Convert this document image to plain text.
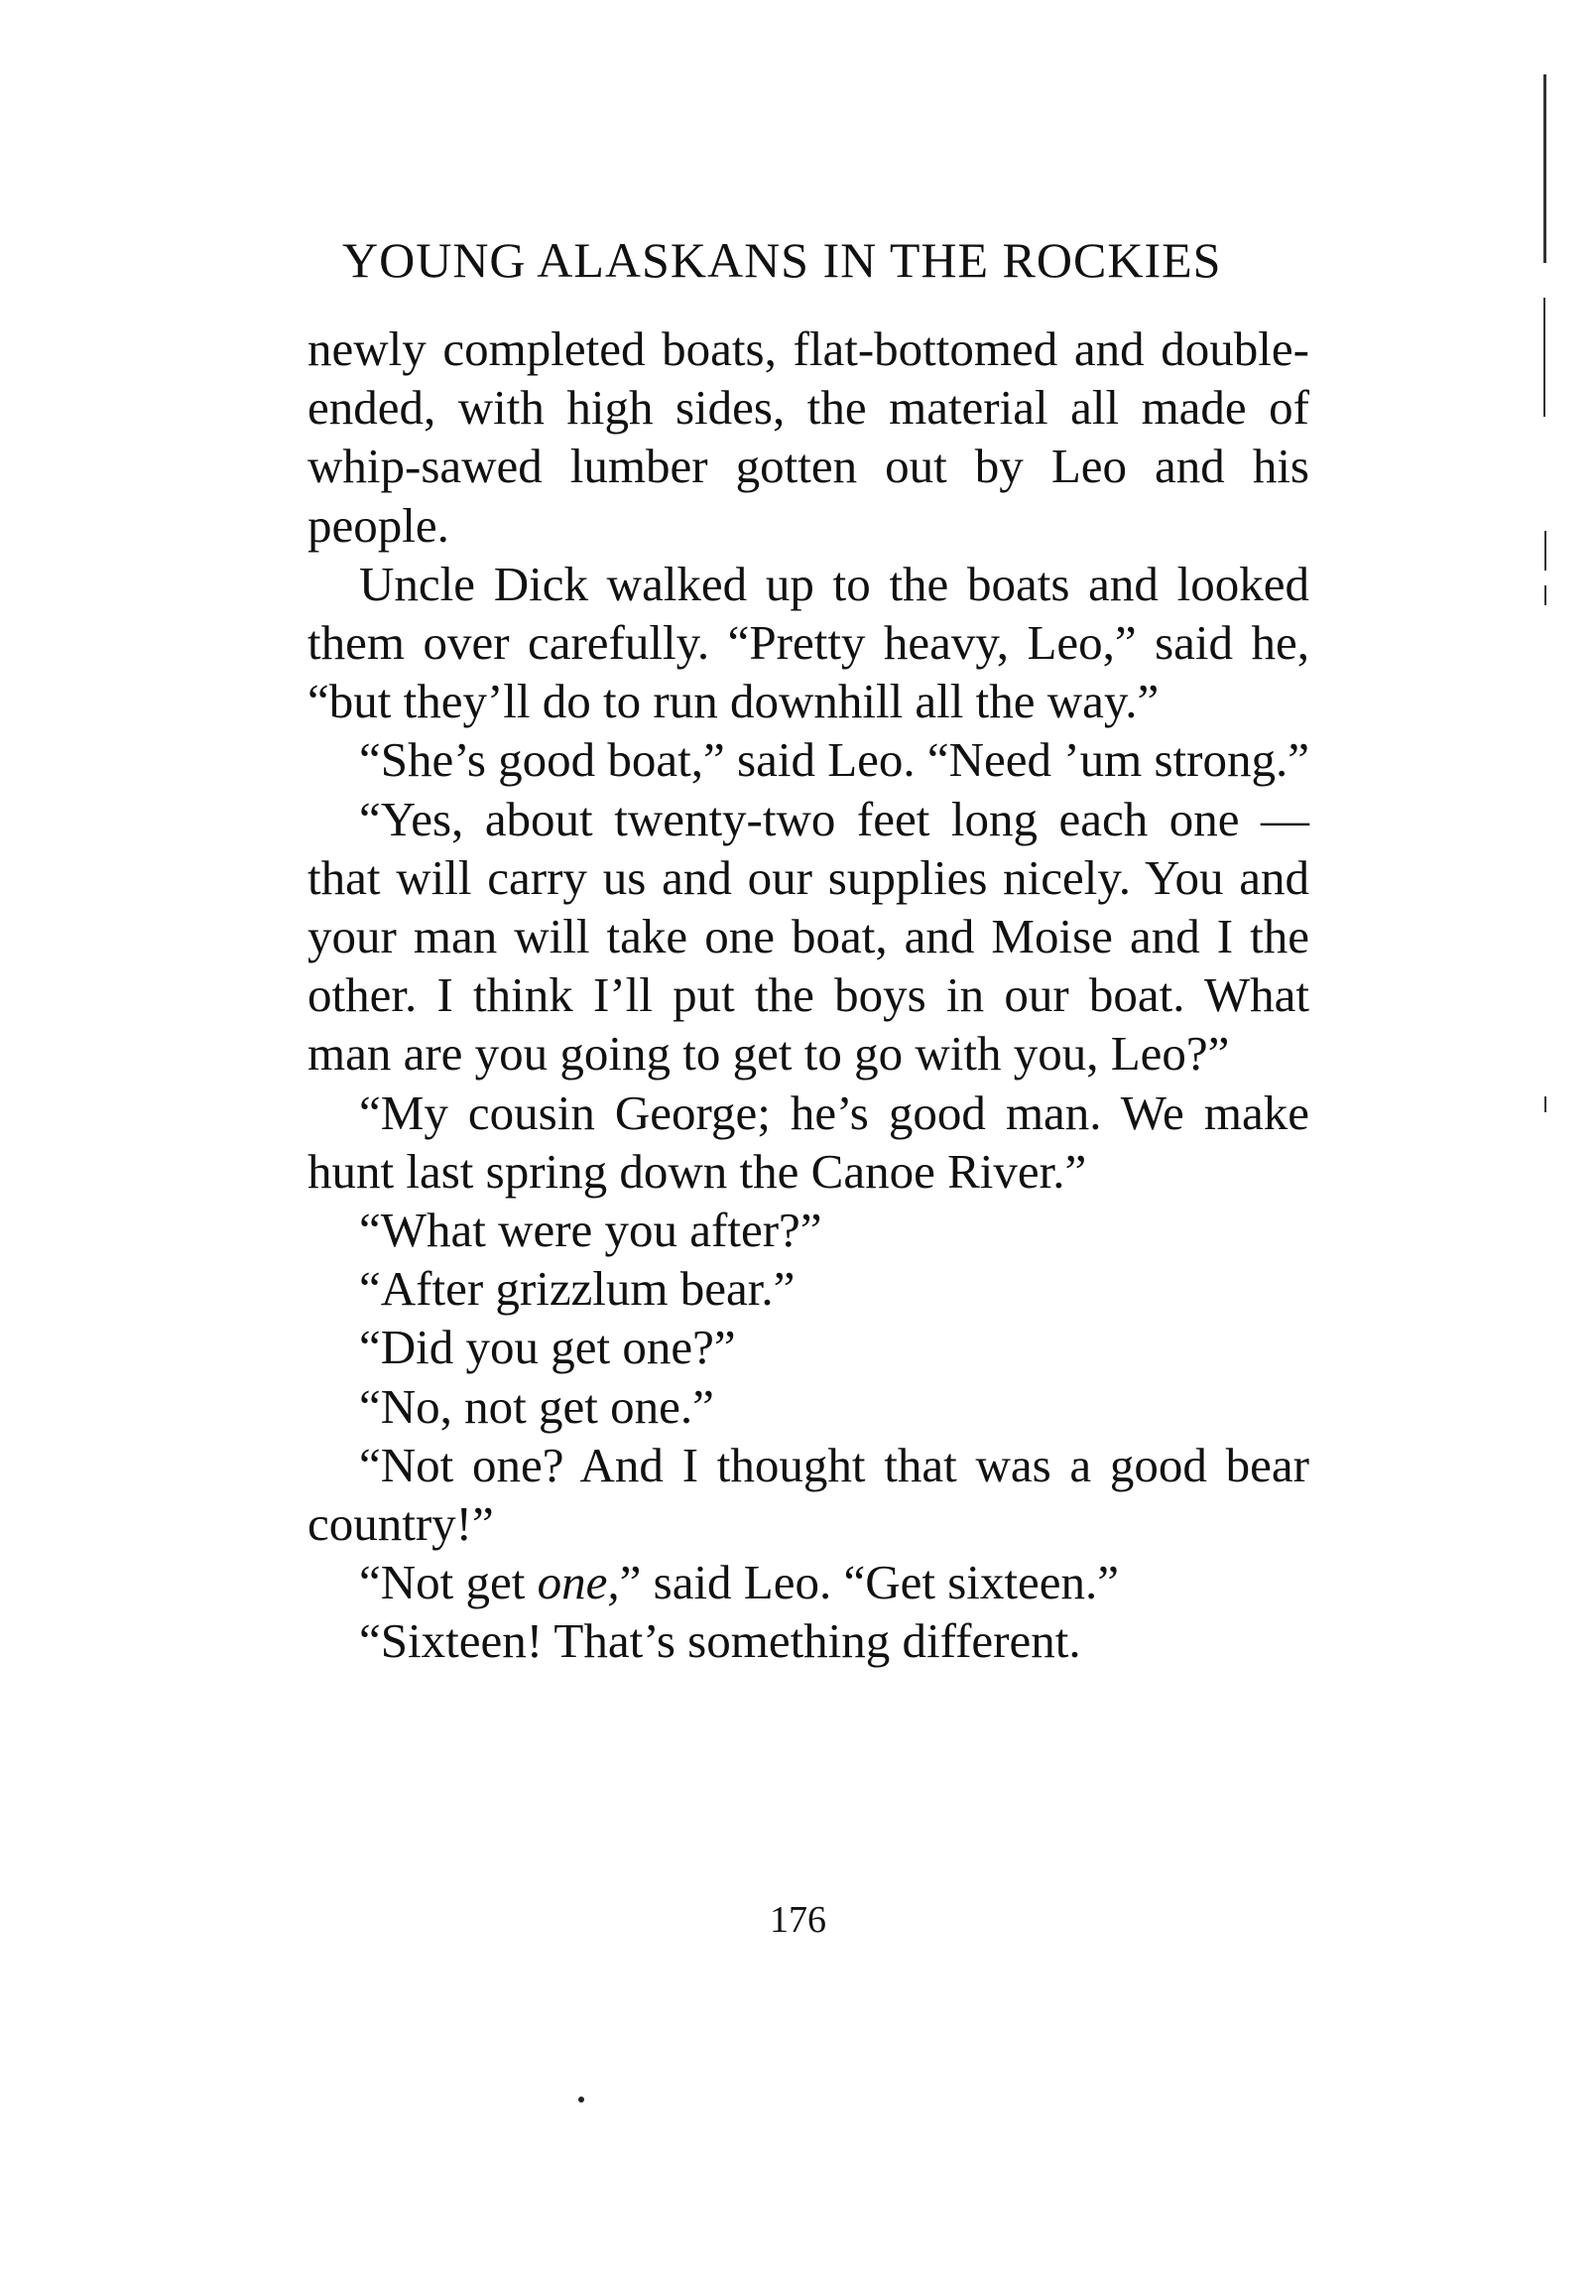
YOUNG ALASKANS IN THE ROCKIES

newly completed boats, flat-bottomed and double-ended, with high sides, the material all made of whip-sawed lumber gotten out by Leo and his people.

Uncle Dick walked up to the boats and looked them over carefully. “Pretty heavy, Leo,” said he, “but they’ll do to run downhill all the way.”

“She’s good boat,” said Leo. “Need ’um strong.”

“Yes, about twenty-two feet long each one —that will carry us and our supplies nicely. You and your man will take one boat, and Moise and I the other. I think I’ll put the boys in our boat. What man are you going to get to go with you, Leo?”

“My cousin George; he’s good man. We make hunt last spring down the Canoe River.”

“What were you after?”

“After grizzlum bear.”

“Did you get one?”

“No, not get one.”

“Not one? And I thought that was a good bear country!”

“Not get one,” said Leo. “Get sixteen.”

“Sixteen! That’s something different.

176
